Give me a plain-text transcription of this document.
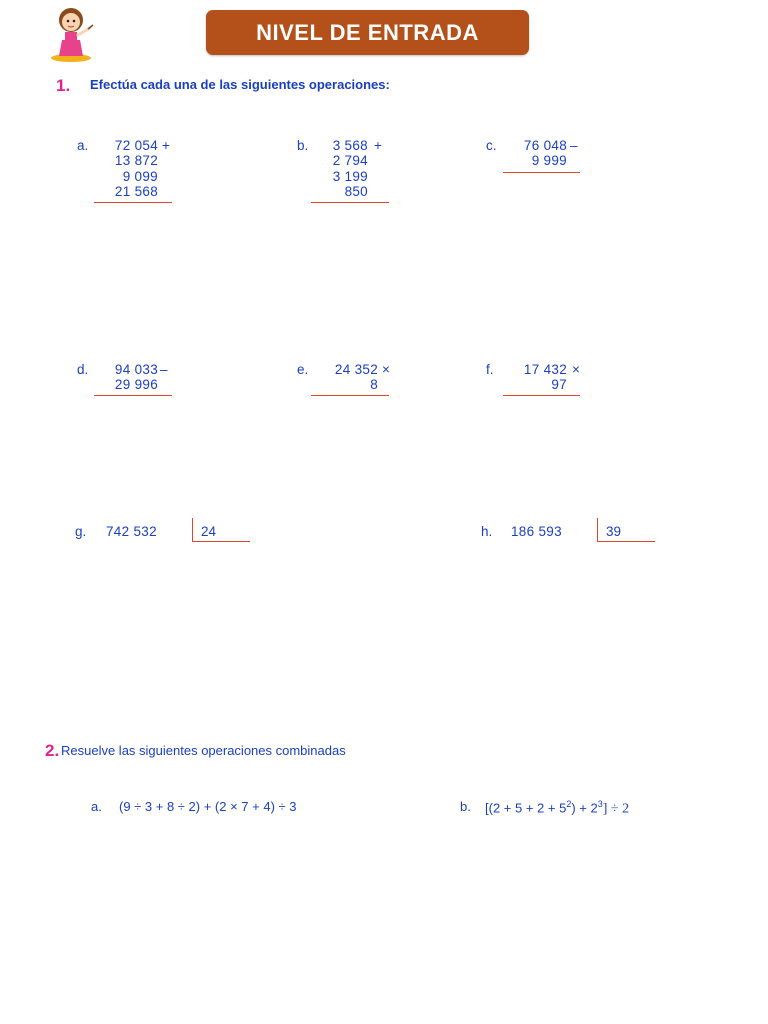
NIVEL DE ENTRADA
1. Efectúa cada una de las siguientes operaciones:
a.	72 054
13 872
9 099
21 568
+	b.	3 568
2 794
3 199
850
+	c.	76 048
9 999
–
d.	94 033
29 996
–	e.	24 352
8
×	f.	17 432
97
×
g. 742 532	24	h. 186 593	39
2. Resuelve las siguientes operaciones combinadas
a. (9 ÷ 3 + 8 ÷ 2) + (2 × 7 + 4) ÷ 3	b. $[(2 + 5 + 2 + 5^2) + 2^3] \div 2$
